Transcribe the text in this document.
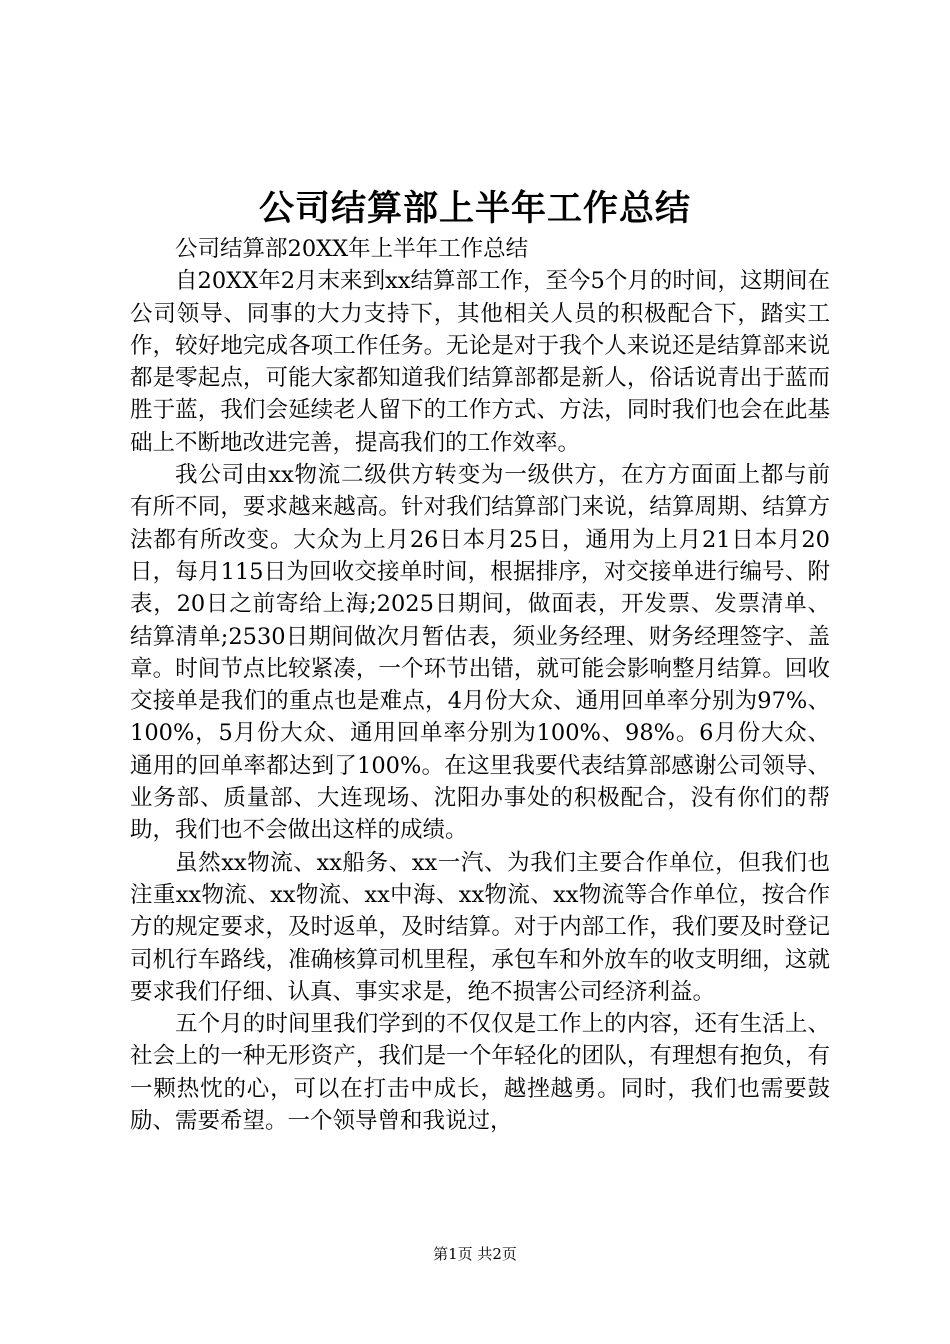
公司结算部上半年工作总结

公司结算部20XX年上半年工作总结

自20XX年2月末来到xx结算部工作，至今5个月的时间，这期间在公司领导、同事的大力支持下，其他相关人员的积极配合下，踏实工作，较好地完成各项工作任务。无论是对于我个人来说还是结算部来说都是零起点，可能大家都知道我们结算部都是新人，俗话说青出于蓝而胜于蓝，我们会延续老人留下的工作方式、方法，同时我们也会在此基础上不断地改进完善，提高我们的工作效率。

我公司由xx物流二级供方转变为一级供方，在方方面面上都与前有所不同，要求越来越高。针对我们结算部门来说，结算周期、结算方法都有所改变。大众为上月26日本月25日，通用为上月21日本月20日，每月115日为回收交接单时间，根据排序，对交接单进行编号、附表，20日之前寄给上海;2025日期间，做面表，开发票、发票清单、结算清单;2530日期间做次月暂估表，须业务经理、财务经理签字、盖章。时间节点比较紧凑，一个环节出错，就可能会影响整月结算。回收交接单是我们的重点也是难点，4月份大众、通用回单率分别为97%、100%，5月份大众、通用回单率分别为100%、98%。6月份大众、通用的回单率都达到了100%。在这里我要代表结算部感谢公司领导、业务部、质量部、大连现场、沈阳办事处的积极配合，没有你们的帮助，我们也不会做出这样的成绩。

虽然xx物流、xx船务、xx一汽、为我们主要合作单位，但我们也注重xx物流、xx物流、xx中海、xx物流、xx物流等合作单位，按合作方的规定要求，及时返单，及时结算。对于内部工作，我们要及时登记司机行车路线，准确核算司机里程，承包车和外放车的收支明细，这就要求我们仔细、认真、事实求是，绝不损害公司经济利益。

五个月的时间里我们学到的不仅仅是工作上的内容，还有生活上、社会上的一种无形资产，我们是一个年轻化的团队，有理想有抱负，有一颗热忱的心，可以在打击中成长，越挫越勇。同时，我们也需要鼓励、需要希望。一个领导曾和我说过，

第1页 共2页
